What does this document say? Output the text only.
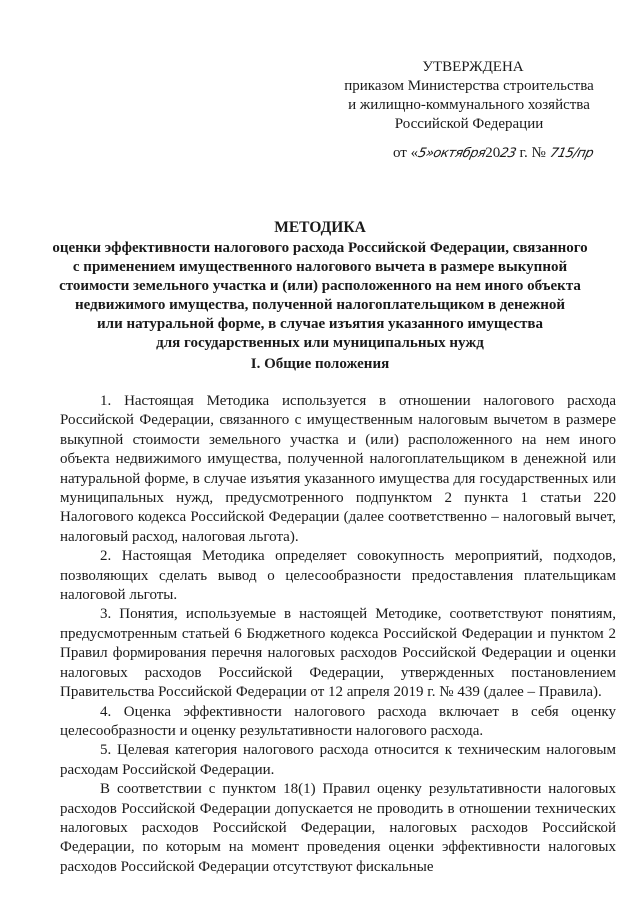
УТВЕРЖДЕНА
приказом Министерства строительства
и жилищно-коммунального хозяйства
Российской Федерации
от «5»октября2023 г. № 715/пр
МЕТОДИКА
оценки эффективности налогового расхода Российской Федерации, связанного
с применением имущественного налогового вычета в размере выкупной
стоимости земельного участка и (или) расположенного на нем иного объекта
недвижимого имущества, полученной налогоплательщиком в денежной
или натуральной форме, в случае изъятия указанного имущества
для государственных или муниципальных нужд
I. Общие положения

1. Настоящая Методика используется в отношении налогового расхода Российской Федерации, связанного с имущественным налоговым вычетом в размере выкупной стоимости земельного участка и (или) расположенного на нем иного объекта недвижимого имущества, полученной налогоплательщиком в денежной или натуральной форме, в случае изъятия указанного имущества для государственных или муниципальных нужд, предусмотренного подпунктом 2 пункта 1 статьи 220 Налогового кодекса Российской Федерации (далее соответственно – налоговый вычет, налоговый расход, налоговая льгота).

2. Настоящая Методика определяет совокупность мероприятий, подходов, позволяющих сделать вывод о целесообразности предоставления плательщикам налоговой льготы.

3. Понятия, используемые в настоящей Методике, соответствуют понятиям, предусмотренным статьей 6 Бюджетного кодекса Российской Федерации и пунктом 2 Правил формирования перечня налоговых расходов Российской Федерации и оценки налоговых расходов Российской Федерации, утвержденных постановлением Правительства Российской Федерации от 12 апреля 2019 г. № 439 (далее – Правила).

4. Оценка эффективности налогового расхода включает в себя оценку целесообразности и оценку результативности налогового расхода.

5. Целевая категория налогового расхода относится к техническим налоговым расходам Российской Федерации.

В соответствии с пунктом 18(1) Правил оценку результативности налоговых расходов Российской Федерации допускается не проводить в отношении технических налоговых расходов Российской Федерации, налоговых расходов Российской Федерации, по которым на момент проведения оценки эффективности налоговых расходов Российской Федерации отсутствуют фискальные
